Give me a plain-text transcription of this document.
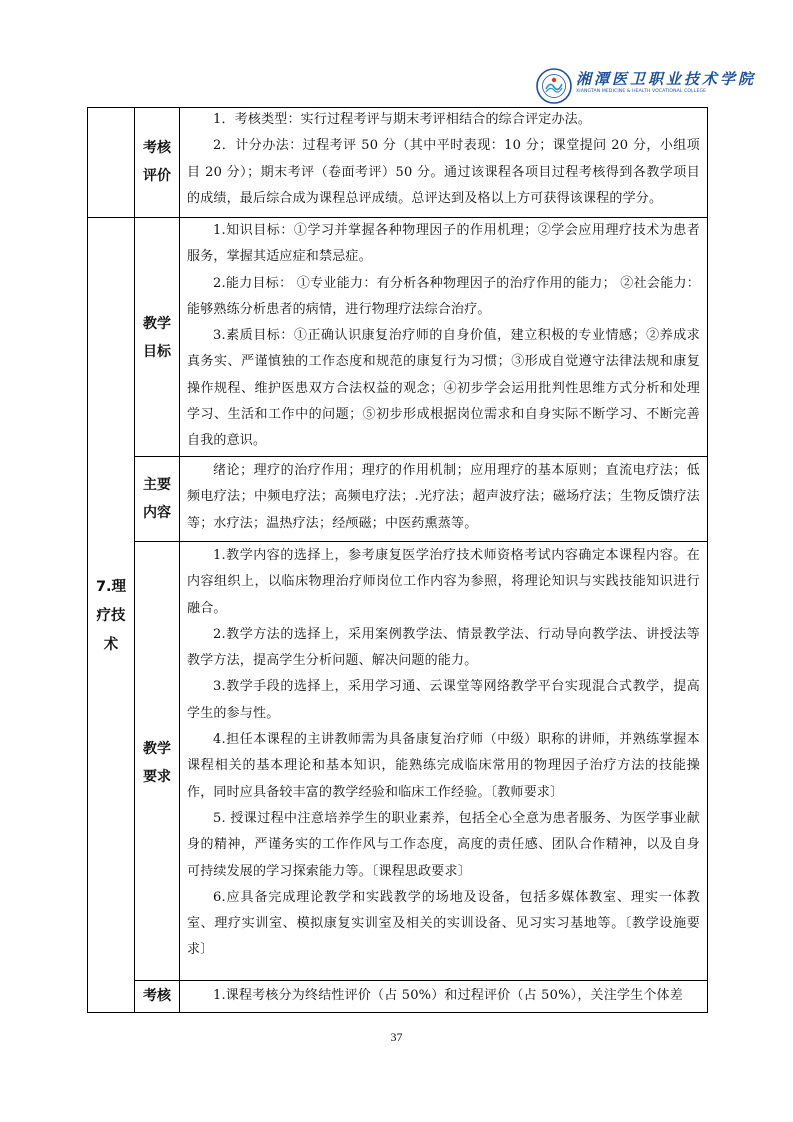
湘潭医卫职业技术学院
XIANGTAN MEDICINE & HEALTH VOCATIONAL COLLEGE
考核
评价

1．考核类型：实行过程考评与期末考评相结合的综合评定办法。

2．计分办法：过程考评 50 分（其中平时表现：10 分；课堂提问 20 分，小组项目 20 分）；期末考评（卷面考评）50 分。通过该课程各项目过程考核得到各教学项目的成绩，最后综合成为课程总评成绩。总评达到及格以上方可获得该课程的学分。

7.理
疗技
术
教学
目标

1.知识目标：①学习并掌握各种物理因子的作用机理；②学会应用理疗技术为患者服务，掌握其适应症和禁忌症。

2.能力目标： ①专业能力：有分析各种物理因子的治疗作用的能力； ②社会能力：能够熟练分析患者的病情，进行物理疗法综合治疗。

3.素质目标：①正确认识康复治疗师的自身价值，建立积极的专业情感；②养成求真务实、严谨慎独的工作态度和规范的康复行为习惯；③形成自觉遵守法律法规和康复操作规程、维护医患双方合法权益的观念；④初步学会运用批判性思维方式分析和处理学习、生活和工作中的问题；⑤初步形成根据岗位需求和自身实际不断学习、不断完善自我的意识。

主要
内容

绪论；理疗的治疗作用；理疗的作用机制；应用理疗的基本原则；直流电疗法；低频电疗法；中频电疗法；高频电疗法；.光疗法；超声波疗法；磁场疗法；生物反馈疗法等；水疗法；温热疗法；经颅磁；中医药熏蒸等。

教学
要求

1.教学内容的选择上，参考康复医学治疗技术师资格考试内容确定本课程内容。在内容组织上，以临床物理治疗师岗位工作内容为参照，将理论知识与实践技能知识进行融合。

2.教学方法的选择上，采用案例教学法、情景教学法、行动导向教学法、讲授法等教学方法，提高学生分析问题、解决问题的能力。

3.教学手段的选择上，采用学习通、云课堂等网络教学平台实现混合式教学，提高学生的参与性。

4.担任本课程的主讲教师需为具备康复治疗师（中级）职称的讲师，并熟练掌握本课程相关的基本理论和基本知识，能熟练完成临床常用的物理因子治疗方法的技能操作，同时应具备较丰富的教学经验和临床工作经验。〔教师要求〕

5. 授课过程中注意培养学生的职业素养，包括全心全意为患者服务、为医学事业献身的精神，严谨务实的工作作风与工作态度，高度的责任感、团队合作精神，以及自身可持续发展的学习探索能力等。〔课程思政要求〕

6.应具备完成理论教学和实践教学的场地及设备，包括多媒体教室、理实一体教室、理疗实训室、模拟康复实训室及相关的实训设备、见习实习基地等。〔教学设施要求〕

考核	1.课程考核分为终结性评价（占 50%）和过程评价（占 50%），关注学生个体差

37
